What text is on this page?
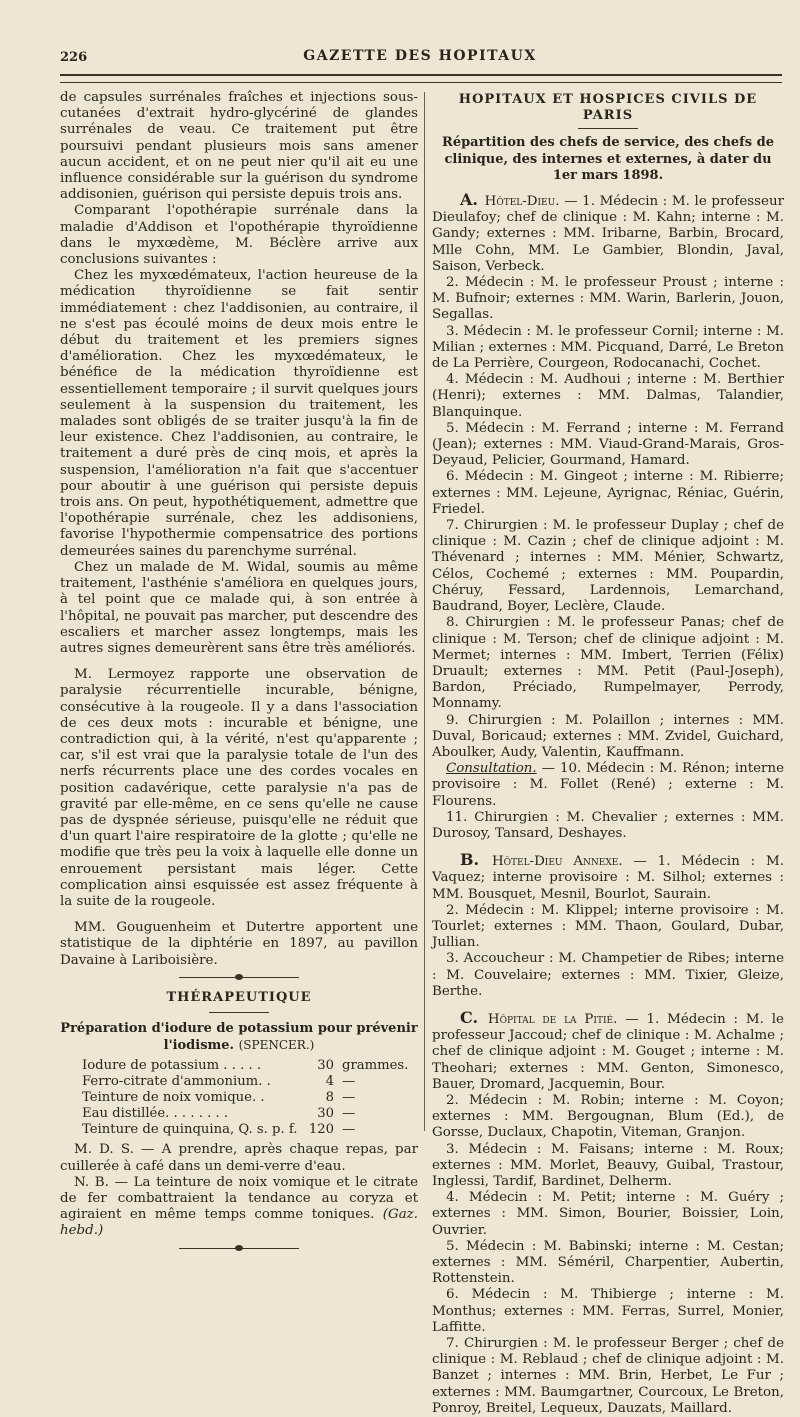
226	GAZETTE DES HOPITAUX

de capsules surrénales fraîches et injections sous-cutanées d'extrait hydro-glycériné de glandes surrénales de veau. Ce traitement put être poursuivi pendant plusieurs mois sans amener aucun accident, et on ne peut nier qu'il ait eu une influence considérable sur la guérison du syndrome addisonien, guérison qui persiste depuis trois ans.

Comparant l'opothérapie surrénale dans la maladie d'Addison et l'opothérapie thyroïdienne dans le myxœdème, M. Béclère arrive aux conclusions suivantes :

Chez les myxœdémateux, l'action heureuse de la médication thyroïdienne se fait sentir immédiatement : chez l'addisonien, au contraire, il ne s'est pas écoulé moins de deux mois entre le début du traitement et les premiers signes d'amélioration. Chez les myxœdémateux, le bénéfice de la médication thyroïdienne est essentiellement temporaire ; il survit quelques jours seulement à la suspension du traitement, les malades sont obligés de se traiter jusqu'à la fin de leur existence. Chez l'addisonien, au contraire, le traitement a duré près de cinq mois, et après la suspension, l'amélioration n'a fait que s'accentuer pour aboutir à une guérison qui persiste depuis trois ans. On peut, hypothétiquement, admettre que l'opothérapie surrénale, chez les addisoniens, favorise l'hypothermie compensatrice des portions demeurées saines du parenchyme surrénal.

Chez un malade de M. Widal, soumis au même traitement, l'asthénie s'améliora en quelques jours, à tel point que ce malade qui, à son entrée à l'hôpital, ne pouvait pas marcher, put descendre des escaliers et marcher assez longtemps, mais les autres signes demeurèrent sans être très améliorés.

M. Lermoyez rapporte une observation de paralysie récurrentielle incurable, bénigne, consécutive à la rougeole. Il y a dans l'association de ces deux mots : incurable et bénigne, une contradiction qui, à la vérité, n'est qu'apparente ; car, s'il est vrai que la paralysie totale de l'un des nerfs récurrents place une des cordes vocales en position cadavérique, cette paralysie n'a pas de gravité par elle-même, en ce sens qu'elle ne cause pas de dyspnée sérieuse, puisqu'elle ne réduit que d'un quart l'aire respiratoire de la glotte ; qu'elle ne modifie que très peu la voix à laquelle elle donne un enrouement persistant mais léger. Cette complication ainsi esquissée est assez fréquente à la suite de la rougeole.

MM. Gouguenheim et Dutertre apportent une statistique de la diphtérie en 1897, au pavillon Davaine à Lariboisière.

THÉRAPEUTIQUE
Préparation d'iodure de potassium pour prévenir l'iodisme. (SPENCER.)
Iodure de potassium . . . . .	30 grammes.
Ferro-citrate d'ammonium. .	4 —
Teinture de noix vomique. .	8 —
Eau distillée. . . . . . . .	30 —
Teinture de quinquina, Q. s. p. f. 120 —

M. D. S. — A prendre, après chaque repas, par cuillerée à café dans un demi-verre d'eau.

N. B. — La teinture de noix vomique et le citrate de fer combattraient la tendance au coryza et agiraient en même temps comme toniques. (Gaz. hebd.)

HOPITAUX ET HOSPICES CIVILS DE PARIS
Répartition des chefs de service, des chefs de clinique, des internes et externes, à dater du 1er mars 1898.

A. Hôtel-Dieu. — 1. Médecin : M. le professeur Dieulafoy; chef de clinique : M. Kahn; interne : M. Gandy; externes : MM. Iribarne, Barbin, Brocard, Mlle Cohn, MM. Le Gambier, Blondin, Javal, Saison, Verbeck.

2. Médecin : M. le professeur Proust ; interne : M. Bufnoir; externes : MM. Warin, Barlerin, Jouon, Segallas.

3. Médecin : M. le professeur Cornil; interne : M. Milian ; externes : MM. Picquand, Darré, Le Breton de La Perrière, Courgeon, Rodocanachi, Cochet.

4. Médecin : M. Audhoui ; interne : M. Berthier (Henri); externes : MM. Dalmas, Talandier, Blanquinque.

5. Médecin : M. Ferrand ; interne : M. Ferrand (Jean); externes : MM. Viaud-Grand-Marais, Gros-Deyaud, Pelicier, Gourmand, Hamard.

6. Médecin : M. Gingeot ; interne : M. Ribierre; externes : MM. Lejeune, Ayrignac, Réniac, Guérin, Friedel.

7. Chirurgien : M. le professeur Duplay ; chef de clinique : M. Cazin ; chef de clinique adjoint : M. Thévenard ; internes : MM. Ménier, Schwartz, Célos, Cochemé ; externes : MM. Poupardin, Chéruy, Fessard, Lardennois, Lemarchand, Baudrand, Boyer, Leclère, Claude.

8. Chirurgien : M. le professeur Panas; chef de clinique : M. Terson; chef de clinique adjoint : M. Mermet; internes : MM. Imbert, Terrien (Félix) Druault; externes : MM. Petit (Paul-Joseph), Bardon, Préciado, Rumpelmayer, Perrody, Monnamy.

9. Chirurgien : M. Polaillon ; internes : MM. Duval, Boricaud; externes : MM. Zvidel, Guichard, Aboulker, Audy, Valentin, Kauffmann.

Consultation. — 10. Médecin : M. Rénon; interne provisoire : M. Follet (René) ; externe : M. Flourens.

11. Chirurgien : M. Chevalier ; externes : MM. Durosoy, Tansard, Deshayes.

B. Hôtel-Dieu Annexe. — 1. Médecin : M. Vaquez; interne provisoire : M. Silhol; externes : MM. Bousquet, Mesnil, Bourlot, Saurain.

2. Médecin : M. Klippel; interne provisoire : M. Tourlet; externes : MM. Thaon, Goulard, Dubar, Jullian.

3. Accoucheur : M. Champetier de Ribes; interne : M. Couvelaire; externes : MM. Tixier, Gleize, Berthe.

C. Hôpital de la Pitié. — 1. Médecin : M. le professeur Jaccoud; chef de clinique : M. Achalme ; chef de clinique adjoint : M. Gouget ; interne : M. Theohari; externes : MM. Genton, Simonesco, Bauer, Dromard, Jacquemin, Bour.

2. Médecin : M. Robin; interne : M. Coyon; externes : MM. Bergougnan, Blum (Ed.), de Gorsse, Duclaux, Chapotin, Viteman, Granjon.

3. Médecin : M. Faisans; interne : M. Roux; externes : MM. Morlet, Beauvy, Guibal, Trastour, Inglessi, Tardif, Bardinet, Delherm.

4. Médecin : M. Petit; interne : M. Guéry ; externes : MM. Simon, Bourier, Boissier, Loin, Ouvrier.

5. Médecin : M. Babinski; interne : M. Cestan; externes : MM. Séméril, Charpentier, Aubertin, Rottenstein.

6. Médecin : M. Thibierge ; interne : M. Monthus; externes : MM. Ferras, Surrel, Monier, Laffitte.

7. Chirurgien : M. le professeur Berger ; chef de clinique : M. Reblaud ; chef de clinique adjoint : M. Banzet ; internes : MM. Brin, Herbet, Le Fur ; externes : MM. Baumgartner, Courcoux, Le Breton, Ponroy, Breitel, Lequeux, Dauzats, Maillard.
